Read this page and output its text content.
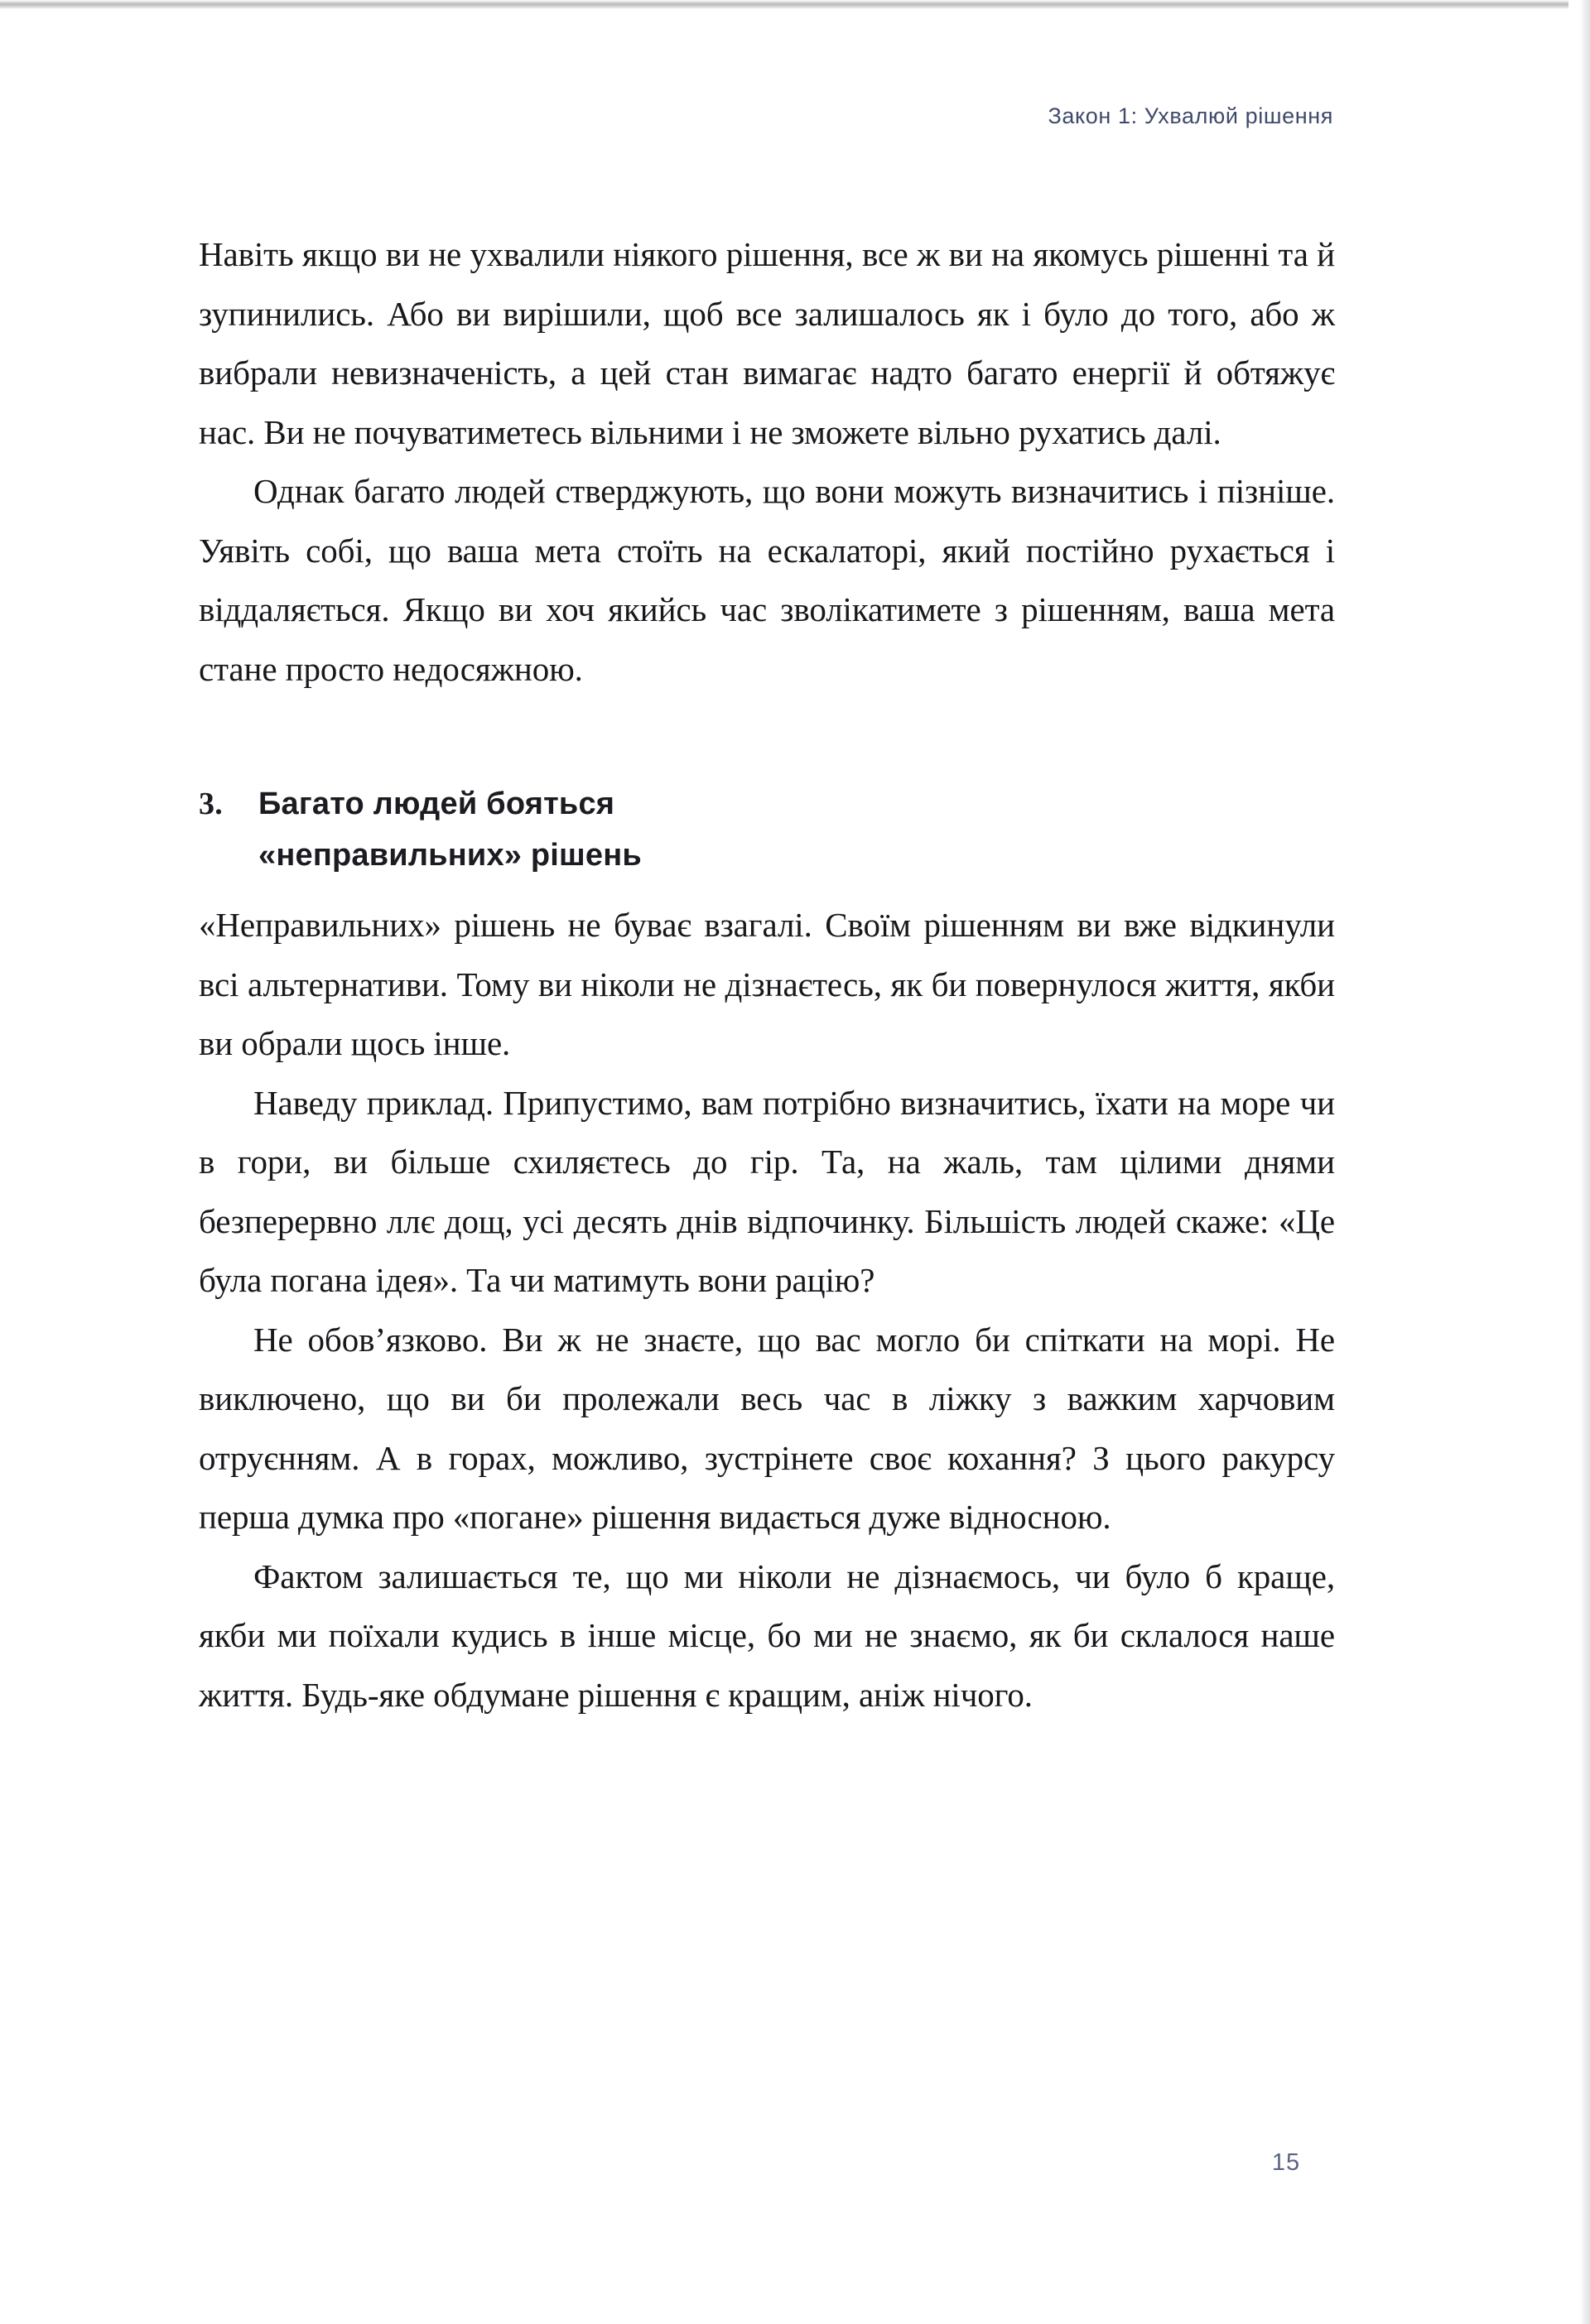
Закон 1: Ухвалюй рішення

Навіть якщо ви не ухвалили ніякого рішення, все ж ви на якомусь рішенні та й зупинились. Або ви вирішили, щоб все залишалось як і було до того, або ж вибрали невизначеність, а цей стан вимагає надто багато енергії й обтяжує нас. Ви не почуватиметесь вільними і не зможете вільно рухатись далі.

Однак багато людей стверджують, що вони можуть визначитись і пізніше. Уявіть собі, що ваша мета стоїть на ескалаторі, який постійно рухається і віддаляється. Якщо ви хоч якийсь час зволікатимете з рішенням, ваша мета стане просто недосяжною.

3.	Багато людей бояться
«неправильних» рішень

«Неправильних» рішень не буває взагалі. Своїм рішенням ви вже відкинули всі альтернативи. Тому ви ніколи не дізнаєтесь, як би повернулося життя, якби ви обрали щось інше.

Наведу приклад. Припустимо, вам потрібно визначитись, їхати на море чи в гори, ви більше схиляєтесь до гір. Та, на жаль, там цілими днями безперервно ллє дощ, усі десять днів відпочинку. Більшість людей скаже: «Це була погана ідея». Та чи матимуть вони рацію?

Не обов’язково. Ви ж не знаєте, що вас могло би спіткати на морі. Не виключено, що ви би пролежали весь час в ліжку з важким харчовим отруєнням. А в горах, можливо, зустрінете своє кохання? З цього ракурсу перша думка про «погане» рішення видається дуже відносною.

Фактом залишається те, що ми ніколи не дізнаємось, чи було б краще, якби ми поїхали кудись в інше місце, бо ми не знаємо, як би склалося наше життя. Будь-яке обдумане рішення є кращим, аніж нічого.

15
